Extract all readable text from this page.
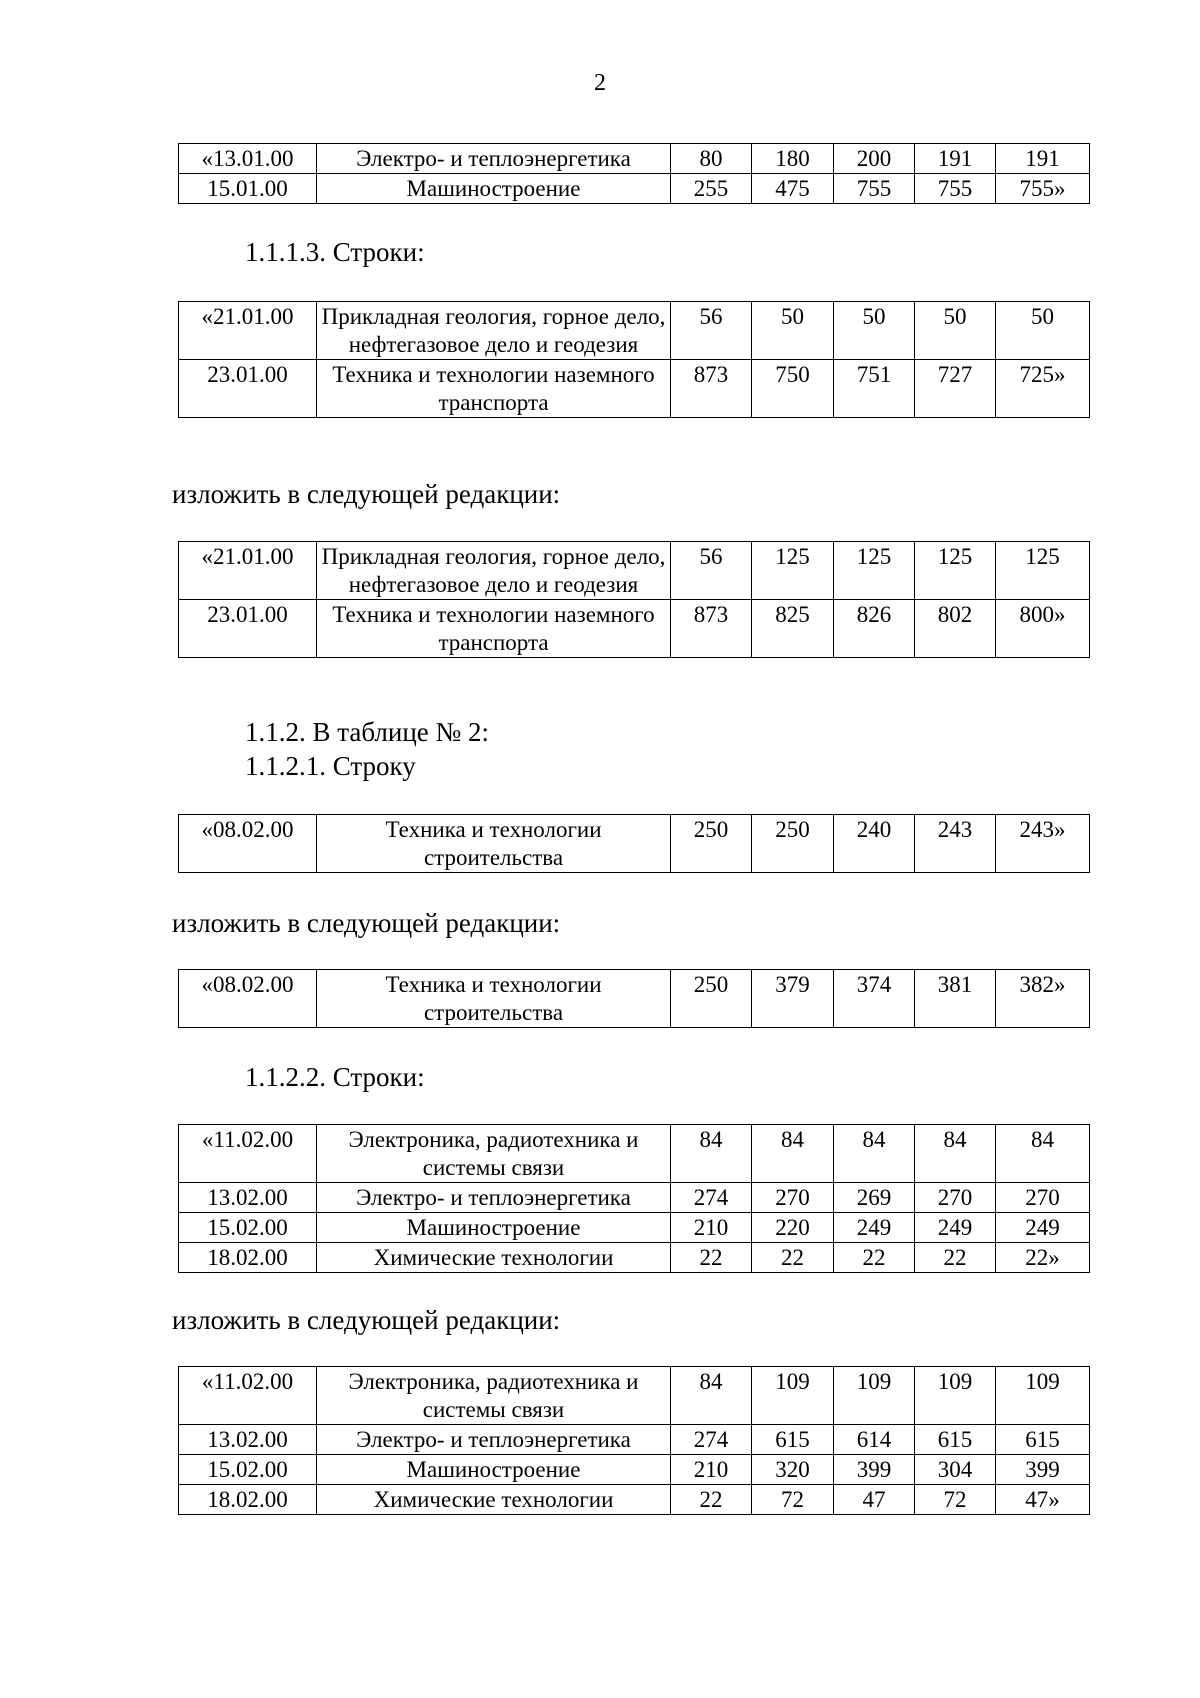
2
«13.01.00	Электро- и теплоэнергетика	80	180	200	191	191
15.01.00	Машиностроение	255	475	755	755	755»
1.1.1.3. Строки:
«21.01.00	Прикладная геология, горное дело, нефтегазовое дело и геодезия	56	50	50	50	50
23.01.00	Техника и технологии наземного транспорта	873	750	751	727	725»
изложить в следующей редакции:
«21.01.00	Прикладная геология, горное дело, нефтегазовое дело и геодезия	56	125	125	125	125
23.01.00	Техника и технологии наземного транспорта	873	825	826	802	800»
1.1.2. В таблице № 2:
1.1.2.1. Строку
«08.02.00	Техника и технологии строительства	250	250	240	243	243»
изложить в следующей редакции:
«08.02.00	Техника и технологии строительства	250	379	374	381	382»
1.1.2.2. Строки:
«11.02.00	Электроника, радиотехника и системы связи	84	84	84	84	84
13.02.00	Электро- и теплоэнергетика	274	270	269	270	270
15.02.00	Машиностроение	210	220	249	249	249
18.02.00	Химические технологии	22	22	22	22	22»
изложить в следующей редакции:
«11.02.00	Электроника, радиотехника и системы связи	84	109	109	109	109
13.02.00	Электро- и теплоэнергетика	274	615	614	615	615
15.02.00	Машиностроение	210	320	399	304	399
18.02.00	Химические технологии	22	72	47	72	47»
